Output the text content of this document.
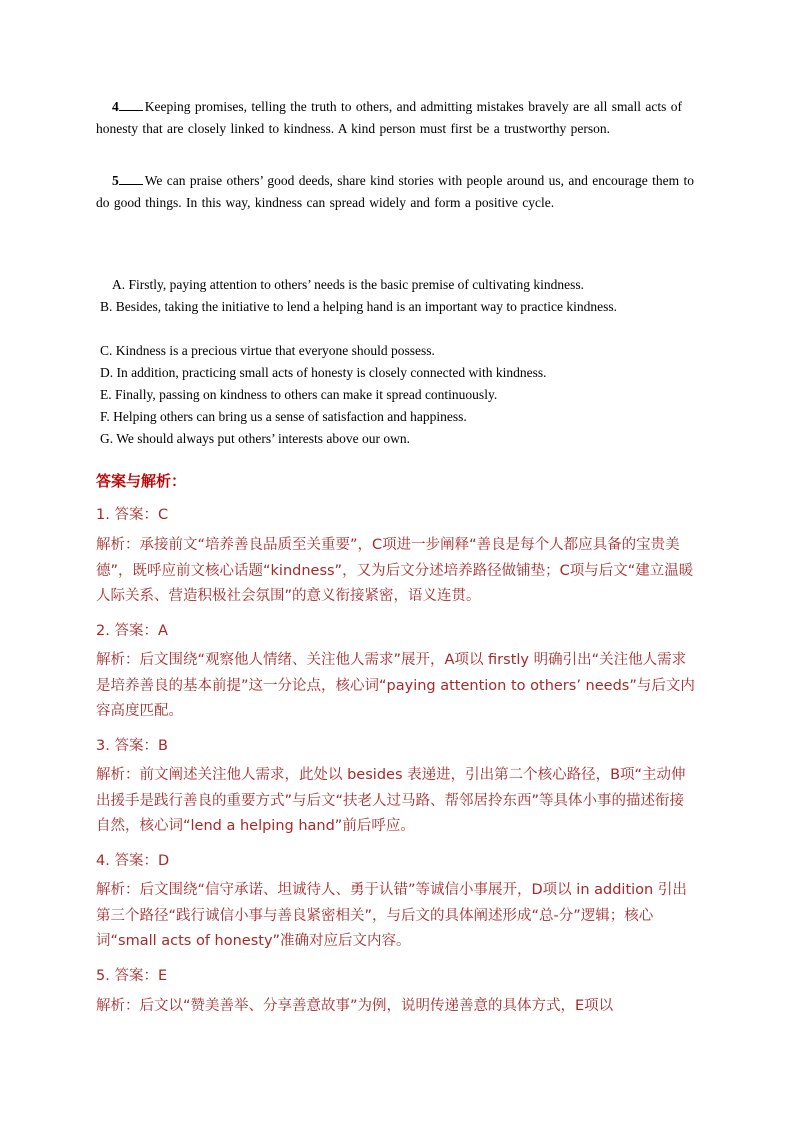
4 Keeping promises, telling the truth to others, and admitting mistakes bravely are all small acts of honesty that are closely linked to kindness. A kind person must first be a trustworthy person.
5 We can praise others’ good deeds, share kind stories with people around us, and encourage them to do good things. In this way, kindness can spread widely and form a positive cycle.
A. Firstly, paying attention to others’ needs is the basic premise of cultivating kindness.
B. Besides, taking the initiative to lend a helping hand is an important way to practice kindness.
C. Kindness is a precious virtue that everyone should possess.
D. In addition, practicing small acts of honesty is closely connected with kindness.
E. Finally, passing on kindness to others can make it spread continuously.
F. Helping others can bring us a sense of satisfaction and happiness.
G. We should always put others’ interests above our own.
答案与解析：
1. 答案：C
解析：承接前文“培养善良品质至关重要”，C项进一步阐释“善良是每个人都应具备的宝贵美德”，既呼应前文核心话题“kindness”，又为后文分述培养路径做铺垫；C项与后文“建立温暖人际关系、营造积极社会氛围”的意义衔接紧密，语义连贯。
2. 答案：A
解析：后文围绕“观察他人情绪、关注他人需求”展开，A项以 firstly 明确引出“关注他人需求是培养善良的基本前提”这一分论点，核心词“paying attention to others’ needs”与后文内容高度匹配。
3. 答案：B
解析：前文阐述关注他人需求，此处以 besides 表递进，引出第二个核心路径，B项“主动伸出援手是践行善良的重要方式”与后文“扶老人过马路、帮邻居拎东西”等具体小事的描述衔接自然，核心词“lend a helping hand”前后呼应。
4. 答案：D
解析：后文围绕“信守承诺、坦诚待人、勇于认错”等诚信小事展开，D项以 in addition 引出第三个路径“践行诚信小事与善良紧密相关”，与后文的具体阐述形成“总-分”逻辑；核心词“small acts of honesty”准确对应后文内容。
5. 答案：E
解析：后文以“赞美善举、分享善意故事”为例，说明传递善意的具体方式，E项以
